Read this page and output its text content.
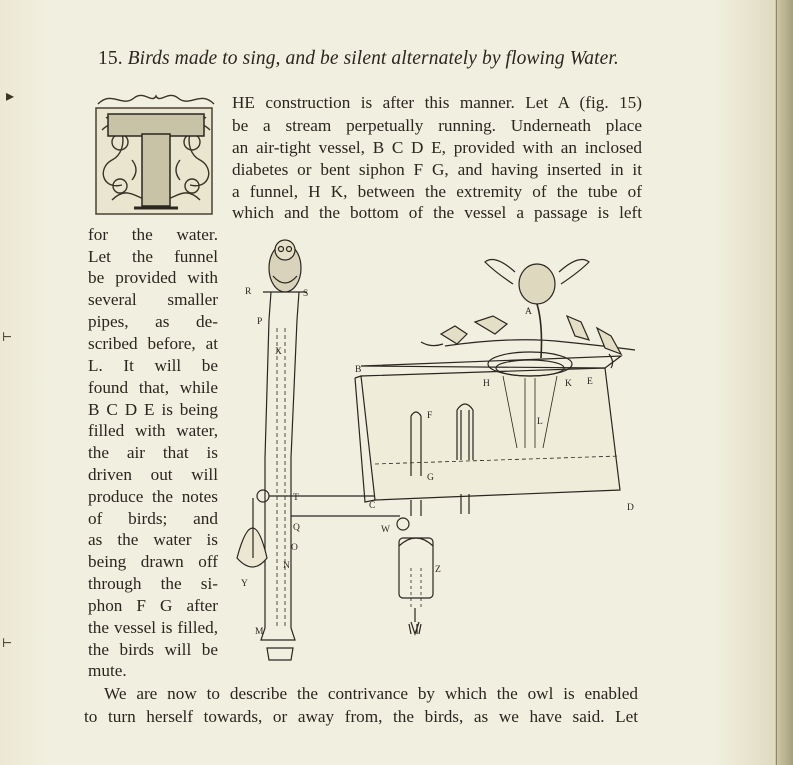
▸
⊢
⊢
15. Birds made to sing, and be silent alternately by flowing Water.
T
HE construction is after this manner. Let A (fig. 15)
be a stream perpetually running. Underneath place
an air-tight vessel, B C D E, provided with an inclosed
diabetes or bent siphon F G, and having inserted in it
a funnel, H K, between the extremity of the tube of
which and the bottom of the vessel a passage is left
for the water.
Let the funnel
be provided with
several smaller
pipes, as de-
scribed before, at
L. It will be
found that, while
B C D E is being
filled with water,
the air that is
driven out will
produce the notes
of birds; and
as the water is
being drawn off
through the si-
phon F G after
the vessel is filled,
the birds will be
mute.
We are now to describe the contrivance by which the owl is enabled
to turn herself towards, or away from, the birds, as we have said. Let
R	S
P
X
T
Q
O
N
Y
M
A
B
H	K E
F
L
G
C	D
W
Z
